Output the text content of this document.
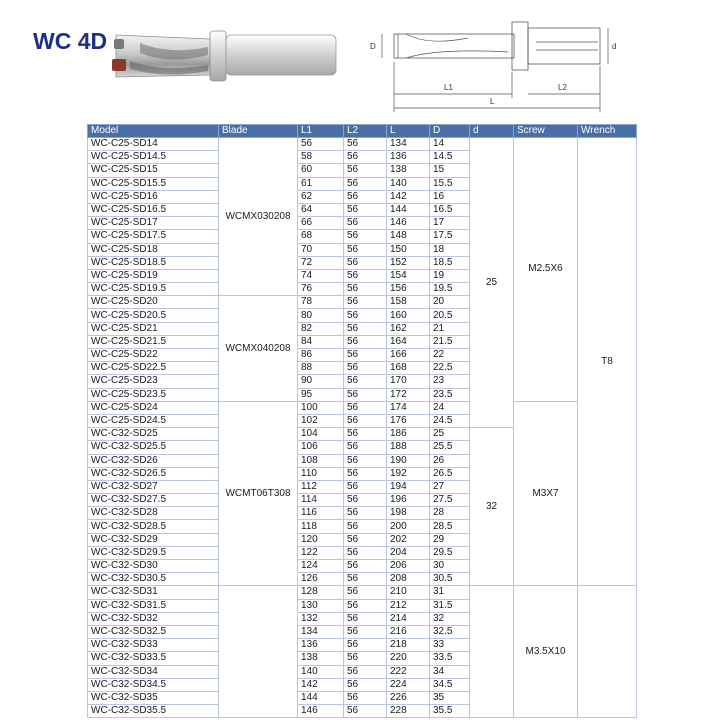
WC 4D	D	d
L1	L2
L
Model	Blade	L1	L2	L	D	d	Screw	Wrench
WC-C25-SD14	WCMX030208	56	56	134	14	25	M2.5X6	T8
WC-C25-SD14.5		58	56	136	14.5			
WC-C25-SD15		60	56	138	15			
WC-C25-SD15.5		61	56	140	15.5			
WC-C25-SD16		62	56	142	16			
WC-C25-SD16.5		64	56	144	16.5			
WC-C25-SD17		66	56	146	17			
WC-C25-SD17.5		68	56	148	17.5			
WC-C25-SD18		70	56	150	18			
WC-C25-SD18.5		72	56	152	18.5			
WC-C25-SD19		74	56	154	19			
WC-C25-SD19.5		76	56	156	19.5			
WC-C25-SD20	WCMX040208	78	56	158	20			
WC-C25-SD20.5		80	56	160	20.5			
WC-C25-SD21		82	56	162	21			
WC-C25-SD21.5		84	56	164	21.5			
WC-C25-SD22		86	56	166	22			
WC-C25-SD22.5		88	56	168	22.5			
WC-C25-SD23		90	56	170	23			
WC-C25-SD23.5		95	56	172	23.5			
WC-C25-SD24	WCMT06T308	100	56	174	24		M3X7	
WC-C25-SD24.5		102	56	176	24.5			
WC-C32-SD25		104	56	186	25	32		
WC-C32-SD25.5		106	56	188	25.5			
WC-C32-SD26		108	56	190	26			
WC-C32-SD26.5		110	56	192	26.5			
WC-C32-SD27		112	56	194	27			
WC-C32-SD27.5		114	56	196	27.5			
WC-C32-SD28		116	56	198	28			
WC-C32-SD28.5		118	56	200	28.5			
WC-C32-SD29		120	56	202	29			
WC-C32-SD29.5		122	56	204	29.5			
WC-C32-SD30		124	56	206	30			
WC-C32-SD30.5		126	56	208	30.5			
WC-C32-SD31		128	56	210	31		M3.5X10	
WC-C32-SD31.5		130	56	212	31.5			
WC-C32-SD32		132	56	214	32			
WC-C32-SD32.5		134	56	216	32.5			
WC-C32-SD33		136	56	218	33			
WC-C32-SD33.5		138	56	220	33.5			
WC-C32-SD34		140	56	222	34			
WC-C32-SD34.5		142	56	224	34.5			
WC-C32-SD35		144	56	226	35			
WC-C32-SD35.5		146	56	228	35.5			
